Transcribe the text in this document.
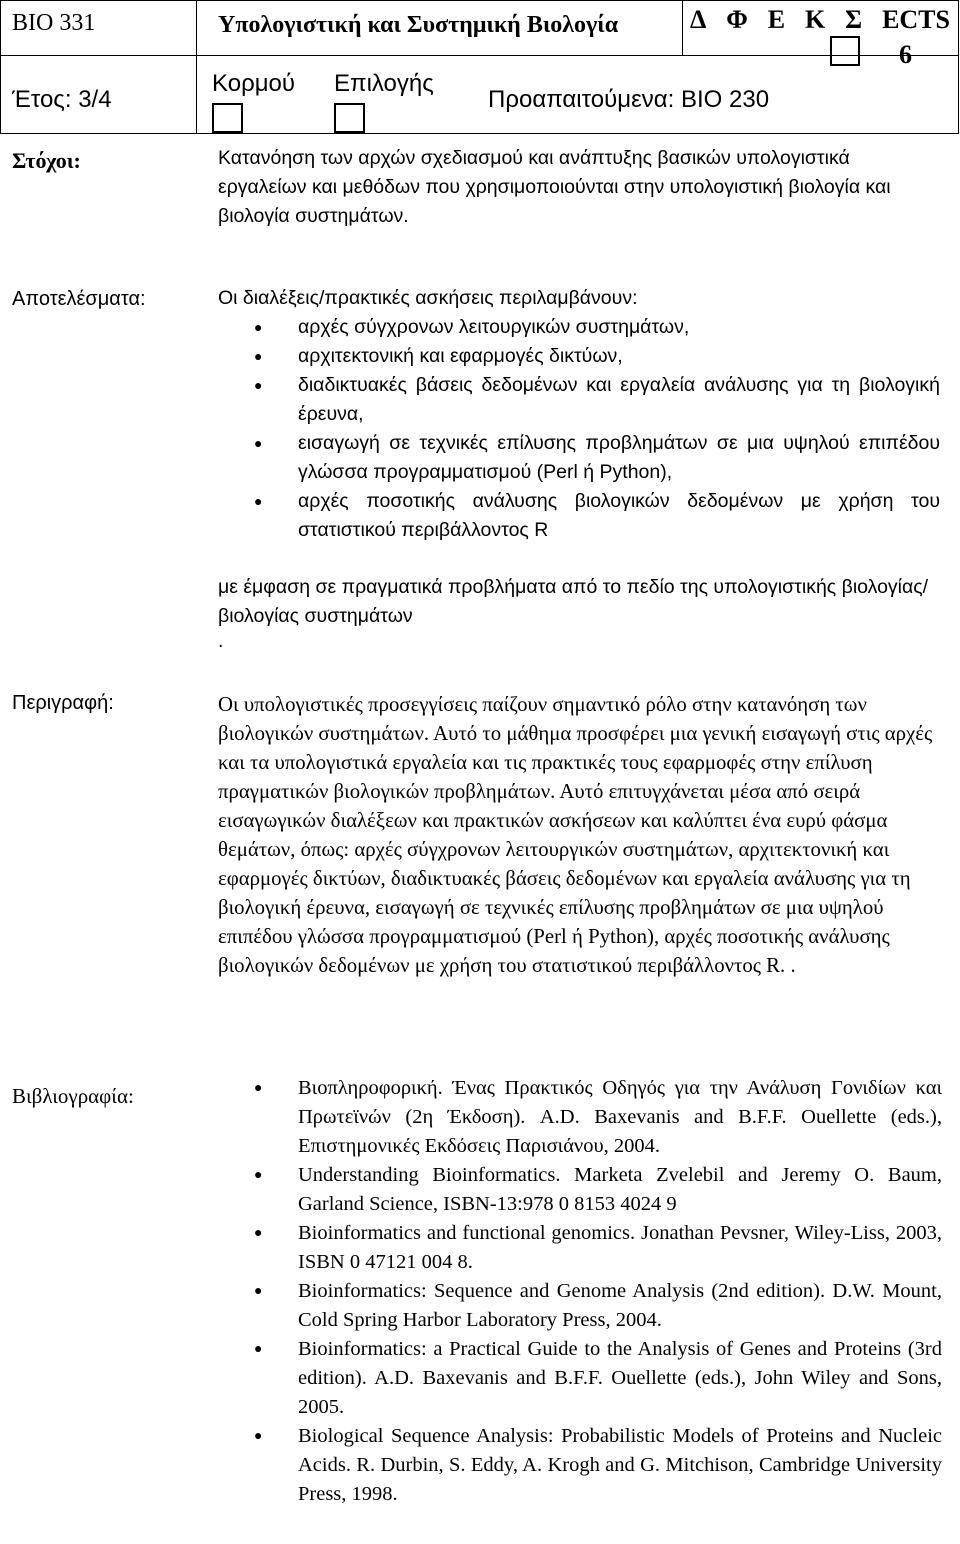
BIO 331	Υπολογιστική και Συστημική Βιολογία	Δ Φ Ε Κ Σ ECTS
6
Έτος: 3/4
Κορμού Επιλογής
Προαπαιτούμενα: BIO 230
Στόχοι:	Κατανόηση των αρχών σχεδιασμού και ανάπτυξης βασικών υπολογιστικά εργαλείων και μεθόδων που χρησιμοποιούνται στην υπολογιστική βιολογία και βιολογία συστημάτων.
Αποτελέσματα:	Οι διαλέξεις/πρακτικές ασκήσεις περιλαμβάνουν:
● αρχές σύγχρονων λειτουργικών συστημάτων,
● αρχιτεκτονική και εφαρμογές δικτύων,
● διαδικτυακές βάσεις δεδομένων και εργαλεία ανάλυσης για τη βιολογική έρευνα,
● εισαγωγή σε τεχνικές επίλυσης προβλημάτων σε μια υψηλού επιπέδου γλώσσα προγραμματισμού (Perl ή Python),
● αρχές ποσοτικής ανάλυσης βιολογικών δεδομένων με χρήση του στατιστικού περιβάλλοντος R
με έμφαση σε πραγματικά προβλήματα από το πεδίο της υπολογιστικής βιολογίας/βιολογίας συστημάτων
.
Περιγραφή:	Οι υπολογιστικές προσεγγίσεις παίζουν σημαντικό ρόλο στην κατανόηση των βιολογικών συστημάτων. Αυτό το μάθημα προσφέρει μια γενική εισαγωγή στις αρχές και τα υπολογιστικά εργαλεία και τις πρακτικές τους εφαρμοφές στην επίλυση πραγματικών βιολογικών προβλημάτων. Αυτό επιτυγχάνεται μέσα από σειρά εισαγωγικών διαλέξεων και πρακτικών ασκήσεων και καλύπτει ένα ευρύ φάσμα θεμάτων, όπως: αρχές σύγχρονων λειτουργικών συστημάτων, αρχιτεκτονική και εφαρμογές δικτύων, διαδικτυακές βάσεις δεδομένων και εργαλεία ανάλυσης για τη βιολογική έρευνα, εισαγωγή σε τεχνικές επίλυσης προβλημάτων σε μια υψηλού επιπέδου γλώσσα προγραμματισμού (Perl ή Python), αρχές ποσοτικής ανάλυσης βιολογικών δεδομένων με χρήση του στατιστικού περιβάλλοντος R. .
Βιβλιογραφία:
●	Βιοπληροφορική. Ένας Πρακτικός Οδηγός για την Ανάλυση Γονιδίων και Πρωτεϊνών (2η Έκδοση). A.D. Baxevanis and B.F.F. Ouellette (eds.), Επιστημονικές Εκδόσεις Παρισιάνου, 2004.
● Understanding Bioinformatics. Marketa Zvelebil and Jeremy O. Baum, Garland Science, ISBN-13:978 0 8153 4024 9
● Bioinformatics and functional genomics. Jonathan Pevsner, Wiley-Liss, 2003, ISBN 0 47121 004 8.
● Bioinformatics: Sequence and Genome Analysis (2nd edition). D.W. Mount, Cold Spring Harbor Laboratory Press, 2004.
● Bioinformatics: a Practical Guide to the Analysis of Genes and Proteins (3rd edition). A.D. Baxevanis and B.F.F. Ouellette (eds.), John Wiley and Sons, 2005.
● Biological Sequence Analysis: Probabilistic Models of Proteins and Nucleic Acids. R. Durbin, S. Eddy, A. Krogh and G. Mitchison, Cambridge University Press, 1998.
